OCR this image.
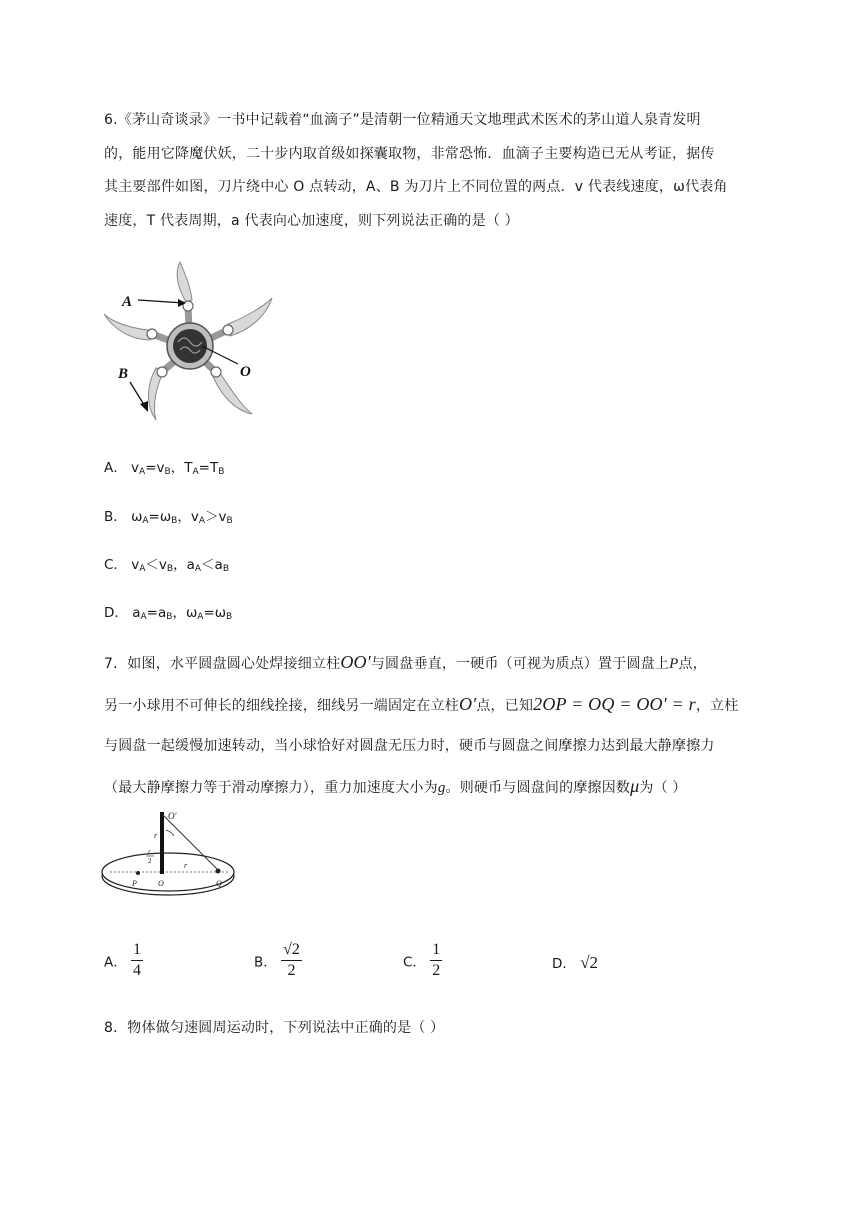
6.《茅山奇谈录》一书中记载着“血滴子”是清朝一位精通天文地理武术医术的茅山道人泉青发明
的，能用它降魔伏妖，二十步内取首级如探囊取物，非常恐怖．血滴子主要构造已无从考证，据传
其主要部件如图，刀片绕中心 O 点转动，A、B 为刀片上不同位置的两点．v 代表线速度，ω代表角
速度，T 代表周期，a 代表向心加速度，则下列说法正确的是（ ）
A
O
B
A． $v_A=v_B$，$T_A=T_B$
B． $\omega_A=\omega_B$，$v_A>v_B$
C． $v_A<v_B$，$a_A<a_B$
D． $a_A=a_B$，$\omega_A=\omega_B$
7．如图，水平圆盘圆心处焊接细立柱OO′与圆盘垂直，一硬币（可视为质点）置于圆盘上P点，
另一小球用不可伸长的细线拴接，细线另一端固定在立柱O′点，已知2OP = OQ = OO′ = r，立柱
与圆盘一起缓慢加速转动，当小球恰好对圆盘无压力时，硬币与圆盘之间摩擦力达到最大静摩擦力
（最大静摩擦力等于滑动摩擦力），重力加速度大小为g。则硬币与圆盘间的摩擦因数μ为（ ）
O′
r
r
2	r
P	O	Q
A． $\frac{1}{4}$	B． $\frac{√2}{2}$	C． $\frac{1}{2}$	D． √2
8．物体做匀速圆周运动时，下列说法中正确的是（ ）
